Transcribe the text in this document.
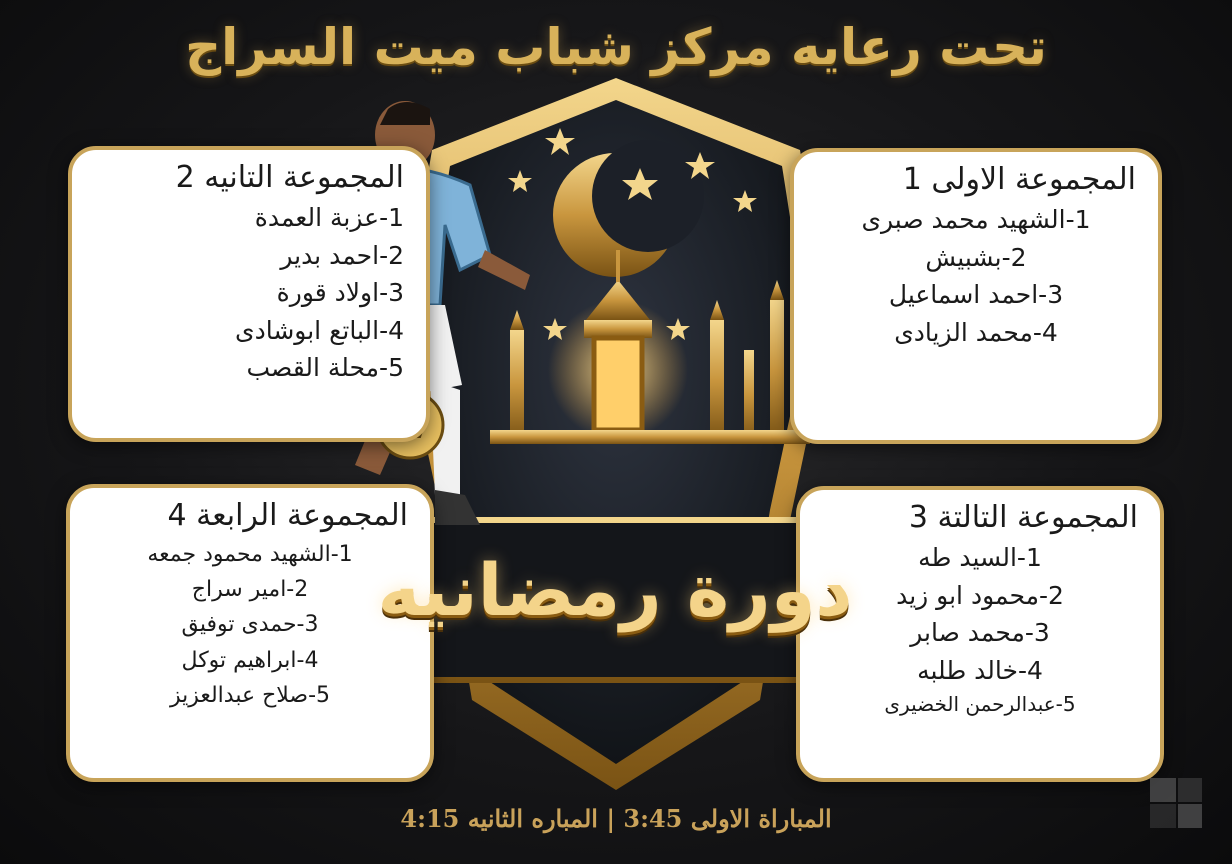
تحت رعايه مركز شباب ميت السراج
المجموعة الاولى 1
1-الشهيد محمد صبرى
2-بشبيش
3-احمد اسماعيل
4-محمد الزيادى
المجموعة التانيه 2
1-عزبة العمدة
2-احمد بدير
3-اولاد قورة
4-الباتع ابوشادى
5-محلة القصب
المجموعة التالتة 3
1-السيد طه
2-محمود ابو زيد
3-محمد صابر
4-خالد طلبه
5-عبدالرحمن الخضيرى
المجموعة الرابعة 4
1-الشهيد محمود جمعه
2-امير سراج
3-حمدى توفيق
4-ابراهيم توكل
5-صلاح عبدالعزيز
دورة رمضانيه
المباراة الاولى 3:45 | المباره الثانيه 4:15
